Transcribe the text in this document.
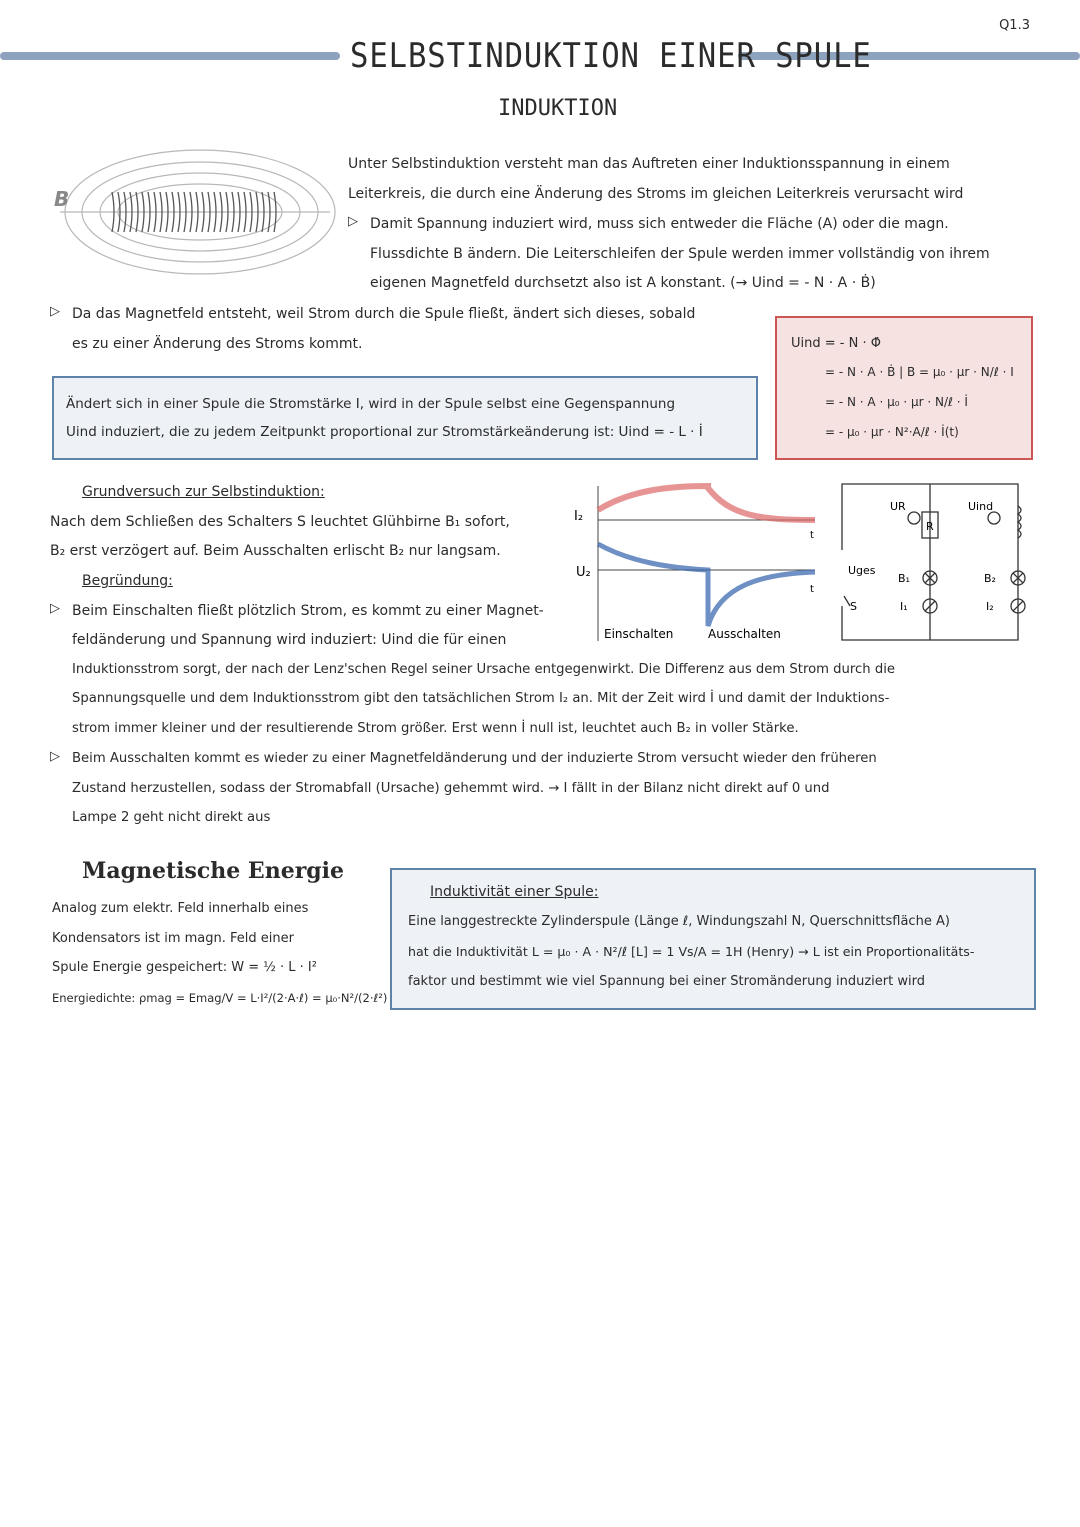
Q1.3
SELBSTINDUKTION EINER SPULE
INDUKTION
B
Unter Selbstinduktion versteht man das Auftreten einer Induktionsspannung in einem
Leiterkreis, die durch eine Änderung des Stroms im gleichen Leiterkreis verursacht wird
▷ Damit Spannung induziert wird, muss sich entweder die Fläche (A) oder die magn.
Flussdichte B ändern. Die Leiterschleifen der Spule werden immer vollständig von ihrem
eigenen Magnetfeld durchsetzt also ist A konstant. (→ Uind = - N · A · Ḃ)
▷ Da das Magnetfeld entsteht, weil Strom durch die Spule fließt, ändert sich dieses, sobald
es zu einer Änderung des Stroms kommt.	Uind = - N · Φ̇
= - N · A · Ḃ | B = μ₀ · μr · N/ℓ · I
= - N · A · μ₀ · μr · N/ℓ · İ
= - μ₀ · μr · N²·A/ℓ · İ(t)
Ändert sich in einer Spule die Stromstärke I, wird in der Spule selbst eine Gegenspannung
Uind induziert, die zu jedem Zeitpunkt proportional zur Stromstärkeänderung ist: Uind = - L · İ
Grundversuch zur Selbstinduktion:
Nach dem Schließen des Schalters S leuchtet Glühbirne B₁ sofort,
B₂ erst verzögert auf. Beim Ausschalten erlischt B₂ nur langsam.
Begründung:
I₂
U₂
t
t
Einschalten	Ausschalten
UR
R
Uind
Uges
B₁	B₂
I₁	I₂
S
▷ Beim Einschalten fließt plötzlich Strom, es kommt zu einer Magnet-
feldänderung und Spannung wird induziert: Uind die für einen
Induktionsstrom sorgt, der nach der Lenz'schen Regel seiner Ursache entgegenwirkt. Die Differenz aus dem Strom durch die
Spannungsquelle und dem Induktionsstrom gibt den tatsächlichen Strom I₂ an. Mit der Zeit wird İ und damit der Induktions-
strom immer kleiner und der resultierende Strom größer. Erst wenn İ null ist, leuchtet auch B₂ in voller Stärke.
▷ Beim Ausschalten kommt es wieder zu einer Magnetfeldänderung und der induzierte Strom versucht wieder den früheren
Zustand herzustellen, sodass der Stromabfall (Ursache) gehemmt wird. → I fällt in der Bilanz nicht direkt auf 0 und
Lampe 2 geht nicht direkt aus
Magnetische Energie
Analog zum elektr. Feld innerhalb eines
Kondensators ist im magn. Feld einer
Spule Energie gespeichert: W = ½ · L · I²
Energiedichte: ρmag = Emag/V = L·I²/(2·A·ℓ) = μ₀·N²/(2·ℓ²)
Induktivität einer Spule:
Eine langgestreckte Zylinderspule (Länge ℓ, Windungszahl N, Querschnittsfläche A)
hat die Induktivität L = μ₀ · A · N²/ℓ [L] = 1 Vs/A = 1H (Henry) → L ist ein Proportionalitäts-
faktor und bestimmt wie viel Spannung bei einer Stromänderung induziert wird
